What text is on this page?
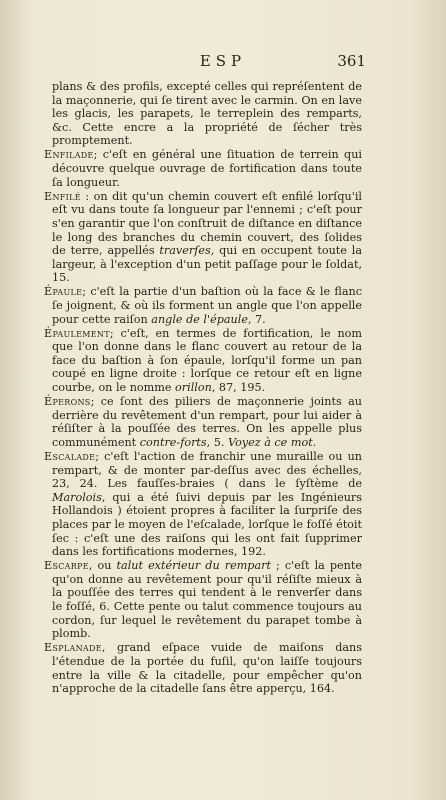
ESP	361

plans & des profils, excepté celles qui repréſentent de la maçonnerie, qui ſe tirent avec le carmin. On en lave les glacis, les parapets, le terreplein des remparts, &c. Cette encre a la propriété de ſécher très promptement.

Enfilade; c'eſt en général une ſituation de terrein qui découvre quelque ouvrage de fortification dans toute ſa longueur.

Enfilé : on dit qu'un chemin couvert eſt enfilé lorſqu'il eſt vu dans toute ſa longueur par l'ennemi ; c'eſt pour s'en garantir que l'on conſtruit de diſtance en diſtance le long des branches du chemin couvert, des ſolides de terre, appellés traverſes, qui en occupent toute la largeur, à l'exception d'un petit paſſage pour le ſoldat, 15.

Épaule; c'eſt la partie d'un baſtion où la face & le flanc ſe joignent, & où ils forment un angle que l'on appelle pour cette raiſon angle de l'épaule, 7.

Épaulement; c'eſt, en termes de fortification, le nom que l'on donne dans le flanc couvert au retour de la face du baſtion à ſon épaule, lorſqu'il forme un pan coupé en ligne droite : lorſque ce retour eſt en ligne courbe, on le nomme orillon, 87, 195.

Éperons; ce ſont des piliers de maçonnerie joints au derrière du revêtement d'un rempart, pour lui aider à réſiſter à la pouſſée des terres. On les appelle plus communément contre-forts, 5. Voyez à ce mot.

Escalade; c'eſt l'action de franchir une muraille ou un rempart, & de monter par-deſſus avec des échelles, 23, 24. Les fauſſes-braies ( dans le ſyſtème de Marolois, qui a été ſuivi depuis par les Ingénieurs Hollandois ) étoient propres à faciliter la ſurpriſe des places par le moyen de l'eſcalade, lorſque le foſſé étoit ſec : c'eſt une des raiſons qui les ont fait ſupprimer dans les fortifications modernes, 192.

Escarpe, ou talut extérieur du rempart ; c'eſt la pente qu'on donne au revêtement pour qu'il réſiſte mieux à la pouſſée des terres qui tendent à le renverſer dans le foſſé, 6. Cette pente ou talut commence toujours au cordon, ſur lequel le revêtement du parapet tombe à plomb.

Esplanade, grand eſpace vuide de maiſons dans l'étendue de la portée du fuſil, qu'on laiſſe toujours entre la ville & la citadelle, pour empêcher qu'on n'approche de la citadelle ſans être apperçu, 164.
